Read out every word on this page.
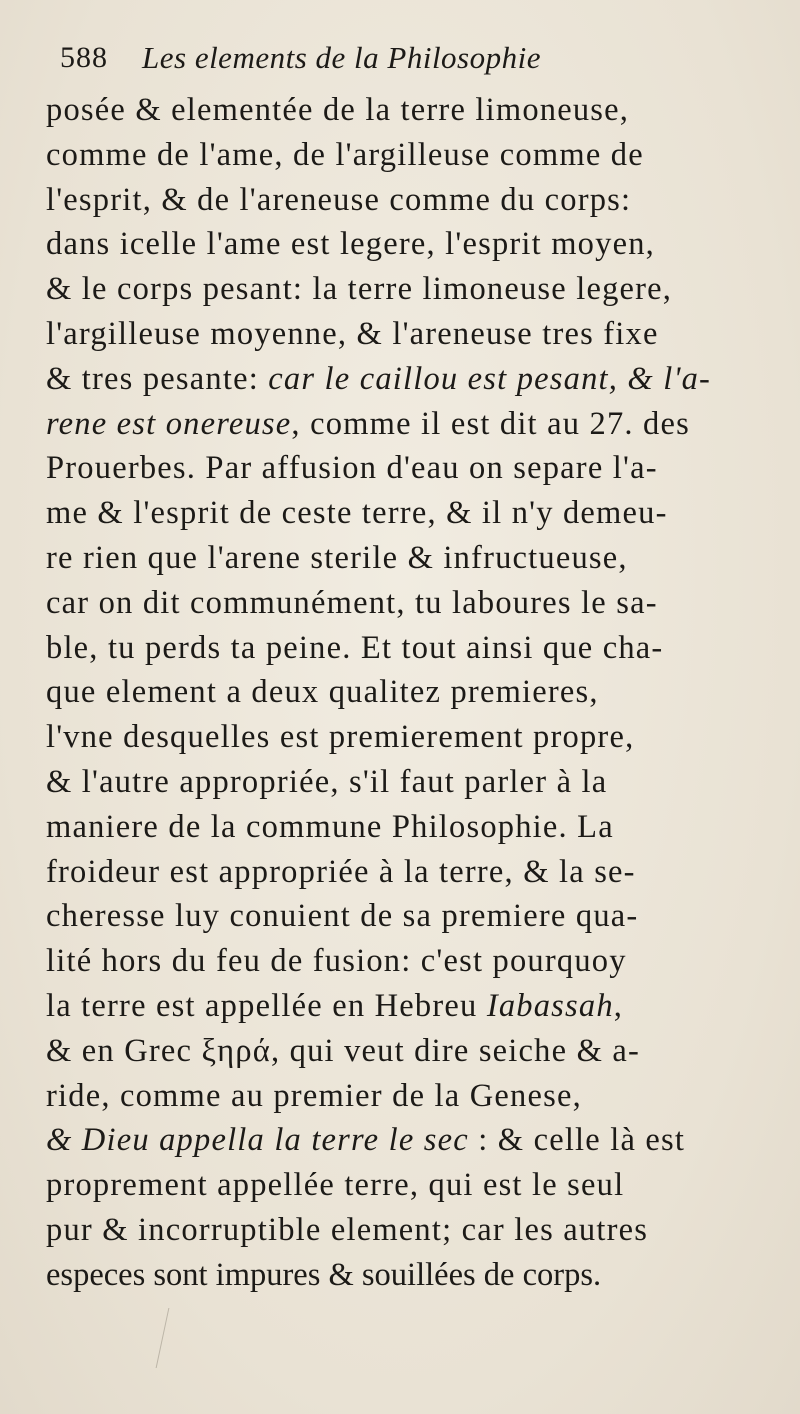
588 Les elements de la Philosophie
posée & elementée de la terre limoneuse,
comme de l'ame, de l'argilleuse comme de
l'esprit, & de l'areneuse comme du corps:
dans icelle l'ame est legere, l'esprit moyen,
& le corps pesant: la terre limoneuse legere,
l'argilleuse moyenne, & l'areneuse tres fixe
& tres pesante: car le caillou est pesant, & l'a-
rene est onereuse, comme il est dit au 27. des
Prouerbes. Par affusion d'eau on separe l'a-
me & l'esprit de ceste terre, & il n'y demeu-
re rien que l'arene sterile & infructueuse,
car on dit communément, tu laboures le sa-
ble, tu perds ta peine. Et tout ainsi que cha-
que element a deux qualitez premieres,
l'vne desquelles est premierement propre,
& l'autre appropriée, s'il faut parler à la
maniere de la commune Philosophie. La
froideur est appropriée à la terre, & la se-
cheresse luy conuient de sa premiere qua-
lité hors du feu de fusion: c'est pourquoy
la terre est appellée en Hebreu Iabassah,
& en Grec ξηρά, qui veut dire seiche & a-
ride, comme au premier de la Genese,
& Dieu appella la terre le sec : & celle là est
proprement appellée terre, qui est le seul
pur & incorruptible element; car les autres
especes sont impures & souillées de corps.
